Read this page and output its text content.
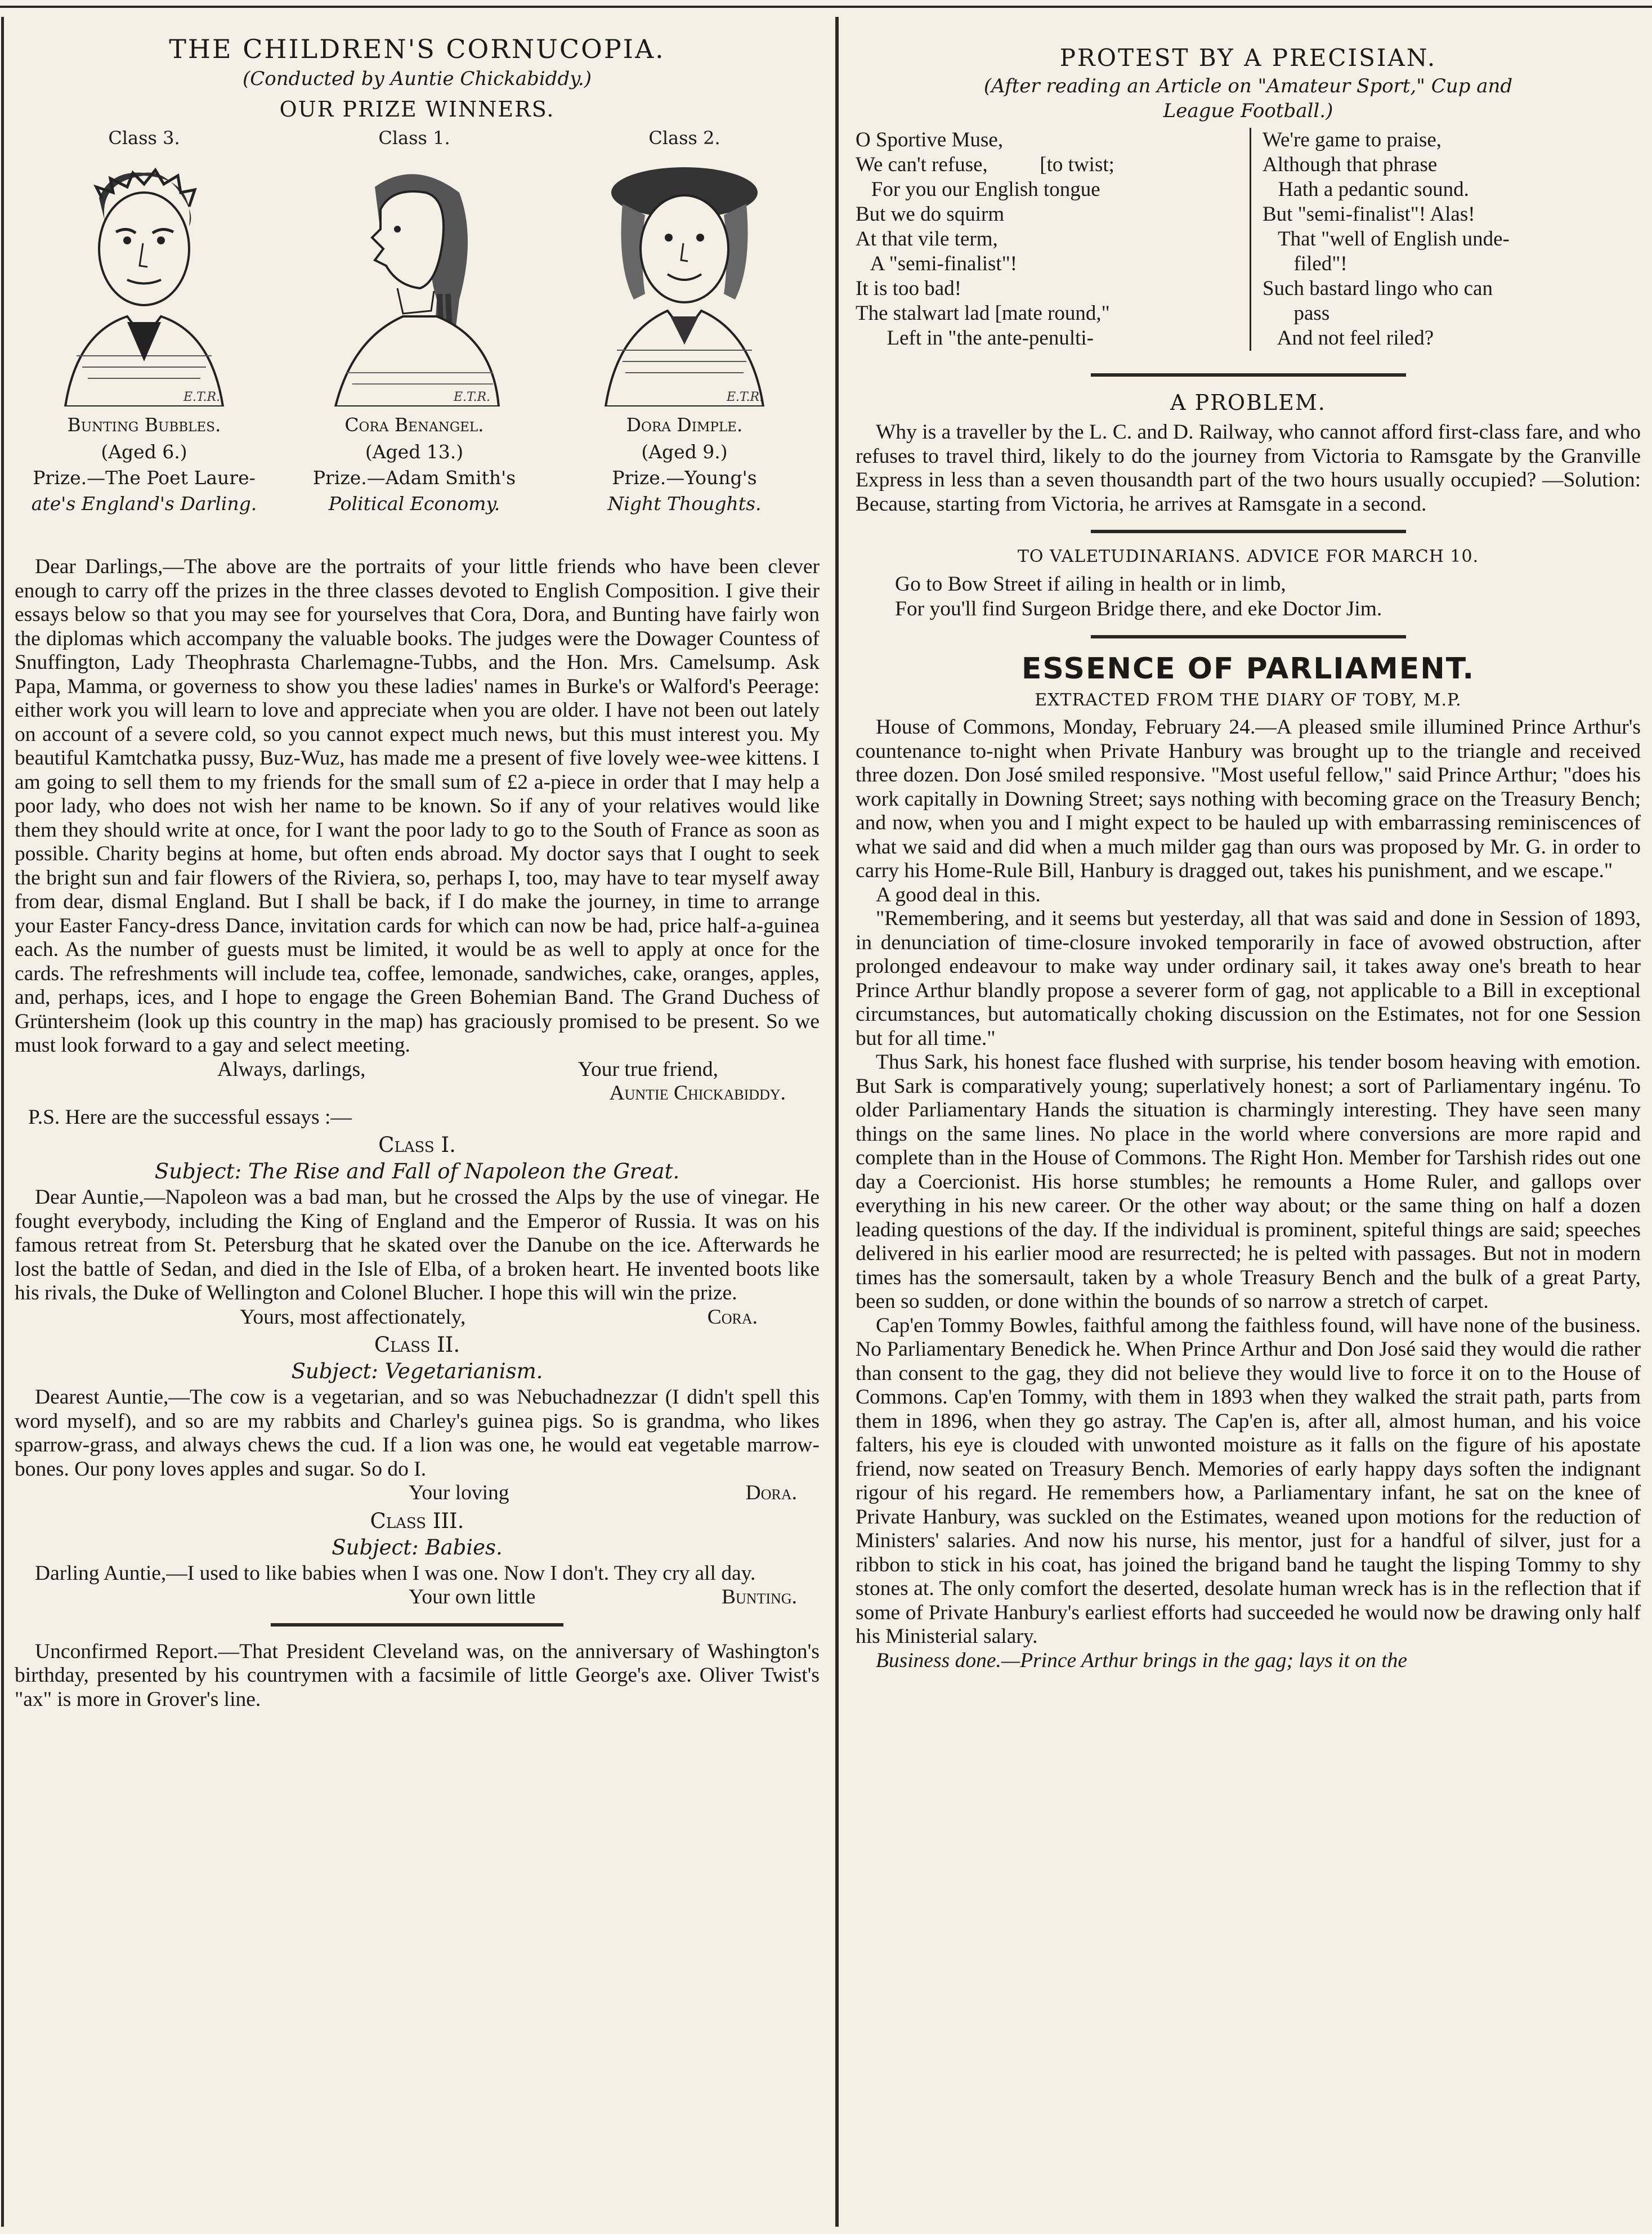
THE CHILDREN'S CORNUCOPIA.
(Conducted by Auntie Chickabiddy.)
OUR PRIZE WINNERS.
Class 3.
E.T.R.
Bunting Bubbles.
(Aged 6.)
Prize.—The Poet Laure-
ate's England's Darling.
Class 1.
E.T.R.
Cora Benangel.
(Aged 13.)
Prize.—Adam Smith's
Political Economy.
Class 2.
E.T.R.
Dora Dimple.
(Aged 9.)
Prize.—Young's
Night Thoughts.

Dear Darlings,—The above are the portraits of your little friends who have been clever enough to carry off the prizes in the three classes devoted to English Composition. I give their essays below so that you may see for yourselves that Cora, Dora, and Bunting have fairly won the diplomas which accompany the valuable books. The judges were the Dowager Countess of Snuffington, Lady Theophrasta Charlemagne-Tubbs, and the Hon. Mrs. Camelsump. Ask Papa, Mamma, or governess to show you these ladies' names in Burke's or Walford's Peerage: either work you will learn to love and appreciate when you are older. I have not been out lately on account of a severe cold, so you cannot expect much news, but this must interest you. My beautiful Kamtchatka pussy, Buz-Wuz, has made me a present of five lovely wee-wee kittens. I am going to sell them to my friends for the small sum of £2 a-piece in order that I may help a poor lady, who does not wish her name to be known. So if any of your relatives would like them they should write at once, for I want the poor lady to go to the South of France as soon as possible. Charity begins at home, but often ends abroad. My doctor says that I ought to seek the bright sun and fair flowers of the Riviera, so, perhaps I, too, may have to tear myself away from dear, dismal England. But I shall be back, if I do make the journey, in time to arrange your Easter Fancy-dress Dance, invitation cards for which can now be had, price half-a-guinea each. As the number of guests must be limited, it would be as well to apply at once for the cards. The refreshments will include tea, coffee, lemonade, sandwiches, cake, oranges, apples, and, perhaps, ices, and I hope to engage the Green Bohemian Band. The Grand Duchess of Grüntersheim (look up this country in the map) has graciously promised to be present. So we must look forward to a gay and select meeting.

Always, darlings,	Your true friend,
Auntie Chickabiddy.

P.S. Here are the successful essays :—

Class I.
Subject: The Rise and Fall of Napoleon the Great.

Dear Auntie,—Napoleon was a bad man, but he crossed the Alps by the use of vinegar. He fought everybody, including the King of England and the Emperor of Russia. It was on his famous retreat from St. Petersburg that he skated over the Danube on the ice. Afterwards he lost the battle of Sedan, and died in the Isle of Elba, of a broken heart. He invented boots like his rivals, the Duke of Wellington and Colonel Blucher. I hope this will win the prize.

Yours, most affectionately,	Cora.
Class II.
Subject: Vegetarianism.

Dearest Auntie,—The cow is a vegetarian, and so was Nebuchadnezzar (I didn't spell this word myself), and so are my rabbits and Charley's guinea pigs. So is grandma, who likes sparrow-grass, and always chews the cud. If a lion was one, he would eat vegetable marrow-bones. Our pony loves apples and sugar. So do I.

Your loving	Dora.
Class III.
Subject: Babies.

Darling Auntie,—I used to like babies when I was one. Now I don't. They cry all day.

Your own little	Bunting.

Unconfirmed Report.—That President Cleveland was, on the anniversary of Washington's birthday, presented by his countrymen with a facsimile of little George's axe. Oliver Twist's "ax" is more in Grover's line.

PROTEST BY A PRECISIAN.
(After reading an Article on "Amateur Sport," Cup and
League Football.)
O Sportive Muse,
We can't refuse,          [to twist;
For you our English tongue
But we do squirm
At that vile term,
A "semi-finalist"!
It is too bad!
The stalwart lad [mate round,"
Left in "the ante-penulti-
We're game to praise,
Although that phrase
Hath a pedantic sound.
But "semi-finalist"! Alas!
That "well of English unde-
filed"!
Such bastard lingo who can
pass
And not feel riled?
A PROBLEM.

Why is a traveller by the L. C. and D. Railway, who cannot afford first-class fare, and who refuses to travel third, likely to do the journey from Victoria to Ramsgate by the Granville Express in less than a seven thousandth part of the two hours usually occupied? —Solution: Because, starting from Victoria, he arrives at Ramsgate in a second.

TO VALETUDINARIANS. ADVICE FOR MARCH 10.
Go to Bow Street if ailing in health or in limb,
For you'll find Surgeon Bridge there, and eke Doctor Jim.
ESSENCE OF PARLIAMENT.
EXTRACTED FROM THE DIARY OF TOBY, M.P.

House of Commons, Monday, February 24.—A pleased smile illumined Prince Arthur's countenance to-night when Private Hanbury was brought up to the triangle and received three dozen. Don José smiled responsive. "Most useful fellow," said Prince Arthur; "does his work capitally in Downing Street; says nothing with becoming grace on the Treasury Bench; and now, when you and I might expect to be hauled up with embarrassing reminiscences of what we said and did when a much milder gag than ours was proposed by Mr. G. in order to carry his Home-Rule Bill, Hanbury is dragged out, takes his punishment, and we escape."

A good deal in this.

"Remembering, and it seems but yesterday, all that was said and done in Session of 1893, in denunciation of time-closure invoked temporarily in face of avowed obstruction, after prolonged endeavour to make way under ordinary sail, it takes away one's breath to hear Prince Arthur blandly propose a severer form of gag, not applicable to a Bill in exceptional circumstances, but automatically choking discussion on the Estimates, not for one Session but for all time."

Thus Sark, his honest face flushed with surprise, his tender bosom heaving with emotion. But Sark is comparatively young; superlatively honest; a sort of Parliamentary ingénu. To older Parliamentary Hands the situation is charmingly interesting. They have seen many things on the same lines. No place in the world where conversions are more rapid and complete than in the House of Commons. The Right Hon. Member for Tarshish rides out one day a Coercionist. His horse stumbles; he remounts a Home Ruler, and gallops over everything in his new career. Or the other way about; or the same thing on half a dozen leading questions of the day. If the individual is prominent, spiteful things are said; speeches delivered in his earlier mood are resurrected; he is pelted with passages. But not in modern times has the somersault, taken by a whole Treasury Bench and the bulk of a great Party, been so sudden, or done within the bounds of so narrow a stretch of carpet.

Cap'en Tommy Bowles, faithful among the faithless found, will have none of the business. No Parliamentary Benedick he. When Prince Arthur and Don José said they would die rather than consent to the gag, they did not believe they would live to force it on to the House of Commons. Cap'en Tommy, with them in 1893 when they walked the strait path, parts from them in 1896, when they go astray. The Cap'en is, after all, almost human, and his voice falters, his eye is clouded with unwonted moisture as it falls on the figure of his apostate friend, now seated on Treasury Bench. Memories of early happy days soften the indignant rigour of his regard. He remembers how, a Parliamentary infant, he sat on the knee of Private Hanbury, was suckled on the Estimates, weaned upon motions for the reduction of Ministers' salaries. And now his nurse, his mentor, just for a handful of silver, just for a ribbon to stick in his coat, has joined the brigand band he taught the lisping Tommy to shy stones at. The only comfort the deserted, desolate human wreck has is in the reflection that if some of Private Hanbury's earliest efforts had succeeded he would now be drawing only half his Ministerial salary.

Business done.—Prince Arthur brings in the gag; lays it on the
